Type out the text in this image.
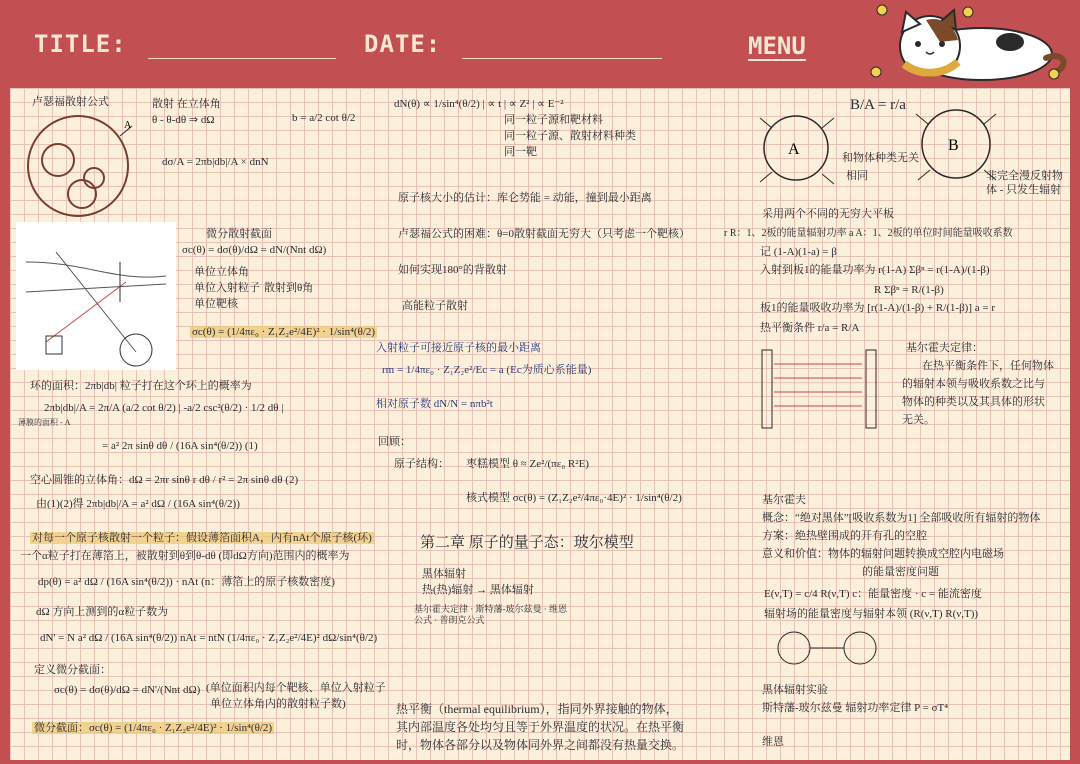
TITLE:	DATE:	MENU
卢瑟福散射公式
A
散射 在立体角
θ - θ-dθ ⇒ dΩ	b = a/2 cot θ/2
dσ/A = 2πb|db|/A × dnN
微分散射截面
σc(θ) = dσ(θ)/dΩ = dN/(Nnt dΩ)
单位立体角
单位入射粒子
单位靶核
散射到θ角
σc(θ) = (1/4πε₀ · Z₁Z₂e²/4E)² · 1/sin⁴(θ/2)
环的面积：2πb|db| 粒子打在这个环上的概率为
2πb|db|/A = 2π/A (a/2 cot θ/2) | -a/2 csc²(θ/2) · 1/2 dθ |
薄膜的面积 - A
= a² 2π sinθ dθ / (16A sin⁴(θ/2)) (1)
空心圆锥的立体角：dΩ = 2πr sinθ r dθ / r² = 2π sinθ dθ (2)
由(1)(2)得 2πb|db|/A = a² dΩ / (16A sin⁴(θ/2))
对每一个原子核散射一个粒子：假设薄箔面积A，内有nAt个原子核(环)
一个α粒子打在薄箔上，被散射到θ到θ-dθ (即dΩ方向)范围内的概率为
dp(θ) = a² dΩ / (16A sin⁴(θ/2)) · nAt (n：薄箔上的原子核数密度)
dΩ 方向上测到的α粒子数为
dN' = N a² dΩ / (16A sin⁴(θ/2)) nAt = ntN (1/4πε₀ · Z₁Z₂e²/4E)² dΩ/sin⁴(θ/2)
定义微分截面：
σc(θ) = dσ(θ)/dΩ = dN'/(Nnt dΩ) (单位面积内每个靶核、单位入射粒子
单位立体角内的散射粒子数)
微分截面：σc(θ) = (1/4πε₀ · Z₁Z₂e²/4E)² · 1/sin⁴(θ/2)
dN(θ) ∝ 1/sin⁴(θ/2) | ∝ t | ∝ Z² | ∝ E⁻²
同一粒子源和靶材料
同一粒子源、散射材料种类
同一靶
原子核大小的估计：库仑势能 = 动能，撞到最小距离
卢瑟福公式的困难：θ=0散射截面无穷大（只考虑一个靶核）
如何实现180°的背散射
高能粒子散射
入射粒子可接近原子核的最小距离
rm = 1/4πε₀ · Z₁Z₂e²/Ec = a (Ec为质心系能量)
相对原子数 dN/N = nπb²t
回顾：
原子结构： 枣糕模型 θ ≈ Ze²/(πε₀ R²E)
核式模型 σc(θ) = (Z₁Z₂e²/4πε₀·4E)² · 1/sin⁴(θ/2)
第二章 原子的量子态：玻尔模型
黑体辐射
热(热)辐射 → 黑体辐射
基尔霍夫定律 · 斯特藩-玻尔兹曼 · 维恩公式 · 普朗克公式
热平衡（thermal equilibrium），指同外界接触的物体，
其内部温度各处均匀且等于外界温度的状况。在热平衡
时，物体各部分以及物体同外界之间都没有热量交换。
A	B
B/A = r/a
和物体种类无关
相同	非完全漫反射物体 - 只发生辐射
采用两个不同的无穷大平板
r R：1、2板的能量辐射功率 a A：1、2板的单位时间能量吸收系数
记 (1-A)(1-a) = β
入射到板1的能量功率为 r(1-A) Σβⁿ = r(1-A)/(1-β)
R Σβⁿ = R/(1-β)
板1的能量吸收功率为 [r(1-A)/(1-β) + R/(1-β)] a = r
热平衡条件 r/a = R/A
基尔霍夫定律：
在热平衡条件下，任何物体
的辐射本领与吸收系数之比与
物体的种类以及其具体的形状
无关。
基尔霍夫
概念：“绝对黑体”[吸收系数为1] 全部吸收所有辐射的物体
方案：绝热壁围成的开有孔的空腔
意义和价值：物体的辐射问题转换成空腔内电磁场
的能量密度问题
E(ν,T) = c/4 R(ν,T) c：能量密度 · c = 能流密度
辐射场的能量密度与辐射本领 (R(ν,T) R(ν,T))
黑体辐射实验
斯特藩-玻尔兹曼 辐射功率定律 P = σT⁴
维恩
